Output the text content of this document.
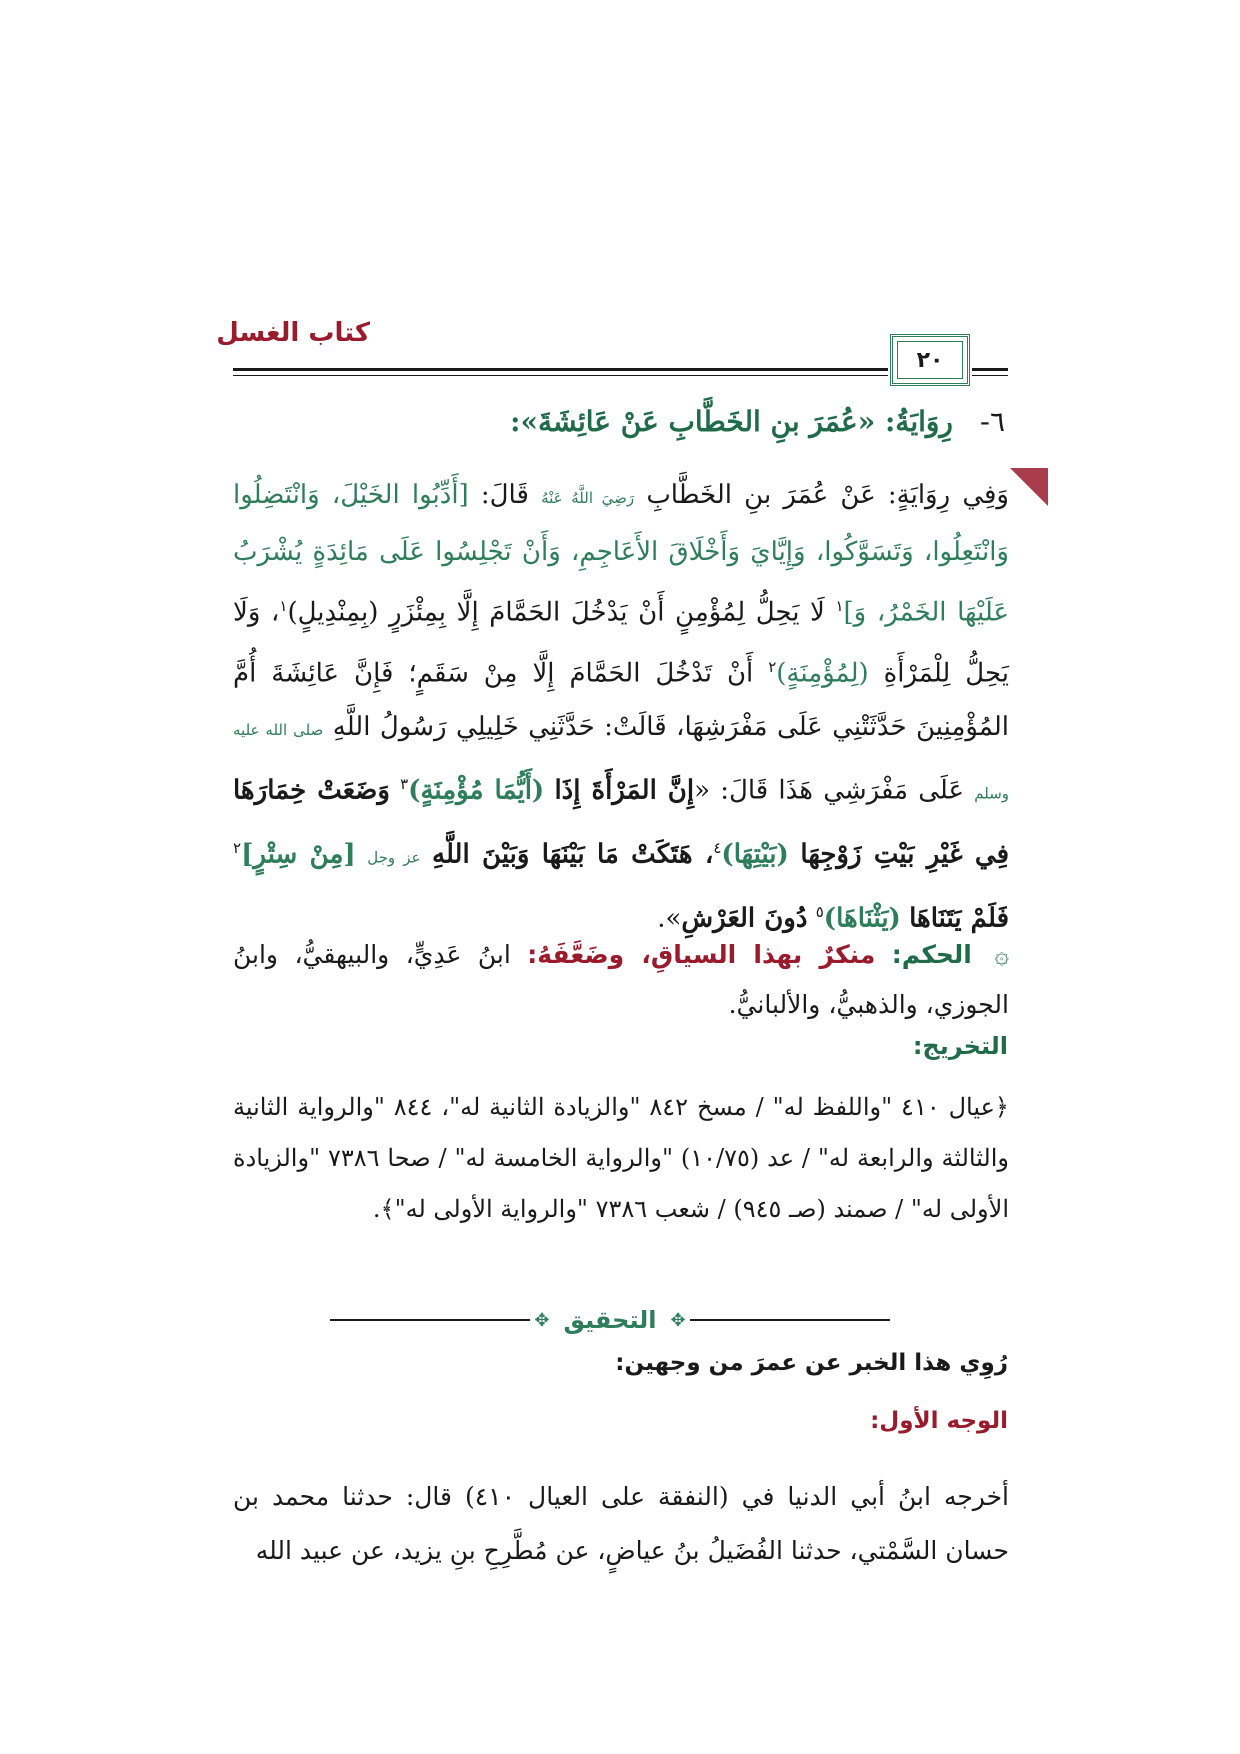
كتاب الغسل
٢٠
٦- رِوَايَةُ: «عُمَرَ بنِ الخَطَّابِ عَنْ عَائِشَةَ»:
وَفِي رِوَايَةٍ: عَنْ عُمَرَ بنِ الخَطَّابِ رَضِيَ اللَّهُ عَنْهُ قَالَ: [أَدِّبُوا الخَيْلَ، وَانْتَضِلُوا وَانْتَعِلُوا، وَتَسَوَّكُوا، وَإِيَّايَ وَأَخْلَاقَ الأَعَاجِمِ، وَأَنْ تَجْلِسُوا عَلَى مَائِدَةٍ يُشْرَبُ عَلَيْهَا الخَمْرُ، وَ]$^١$ لَا يَحِلُّ لِمُؤْمِنٍ أَنْ يَدْخُلَ الحَمَّامَ إِلَّا بِمِئْزَرٍ (بِمِنْدِيلٍ)$^١$، وَلَا يَحِلُّ لِلْمَرْأَةِ (لِمُؤْمِنَةٍ)$^٢$ أَنْ تَدْخُلَ الحَمَّامَ إِلَّا مِنْ سَقَمٍ؛ فَإِنَّ عَائِشَةَ أُمَّ المُؤْمِنِينَ حَدَّثَتْنِي عَلَى مَفْرَشِهَا، قَالَتْ: حَدَّثَنِي خَلِيلِي رَسُولُ اللَّهِ صلى الله عليه وسلم عَلَى مَفْرَشِي هَذَا قَالَ: «إِنَّ المَرْأَةَ إِذَا (أَيُّمَا مُؤْمِنَةٍ)$^٣$ وَضَعَتْ خِمَارَهَا فِي غَيْرِ بَيْتِ زَوْجِهَا (بَيْتِهَا)$^٤$، هَتَكَتْ مَا بَيْنَهَا وَبَيْنَ اللَّهِ عز وجل [مِنْ سِتْرٍ]$^٢$ فَلَمْ يَتَنَاهَا (يَثْنَاهَا)$^٥$ دُونَ العَرْشِ».
۞ الحكم: منكرٌ بهذا السياقِ، وضَعَّفَهُ: ابنُ عَدِيٍّ، والبيهقيُّ، وابنُ الجوزي، والذهبيُّ، والألبانيُّ.
التخريج:
﴿عيال ٤١٠ "واللفظ له" / مسخ ٨٤٢ "والزيادة الثانية له"، ٨٤٤ "والرواية الثانية والثالثة والرابعة له" / عد (١٠/٧٥) "والرواية الخامسة له" / صحا ٧٣٨٦ "والزيادة الأولى له" / صمند (صـ ٩٤٥) / شعب ٧٣٨٦ "والرواية الأولى له"﴾.
✥
التحقيق
✥
رُوِي هذا الخبر عن عمرَ من وجهين:
الوجه الأول:
أخرجه ابنُ أبي الدنيا في (النفقة على العيال ٤١٠) قال: حدثنا محمد بن حسان السَّمْتي، حدثنا الفُضَيلُ بنُ عياضٍ، عن مُطَّرِحِ بنِ يزيد، عن عبيد الله
